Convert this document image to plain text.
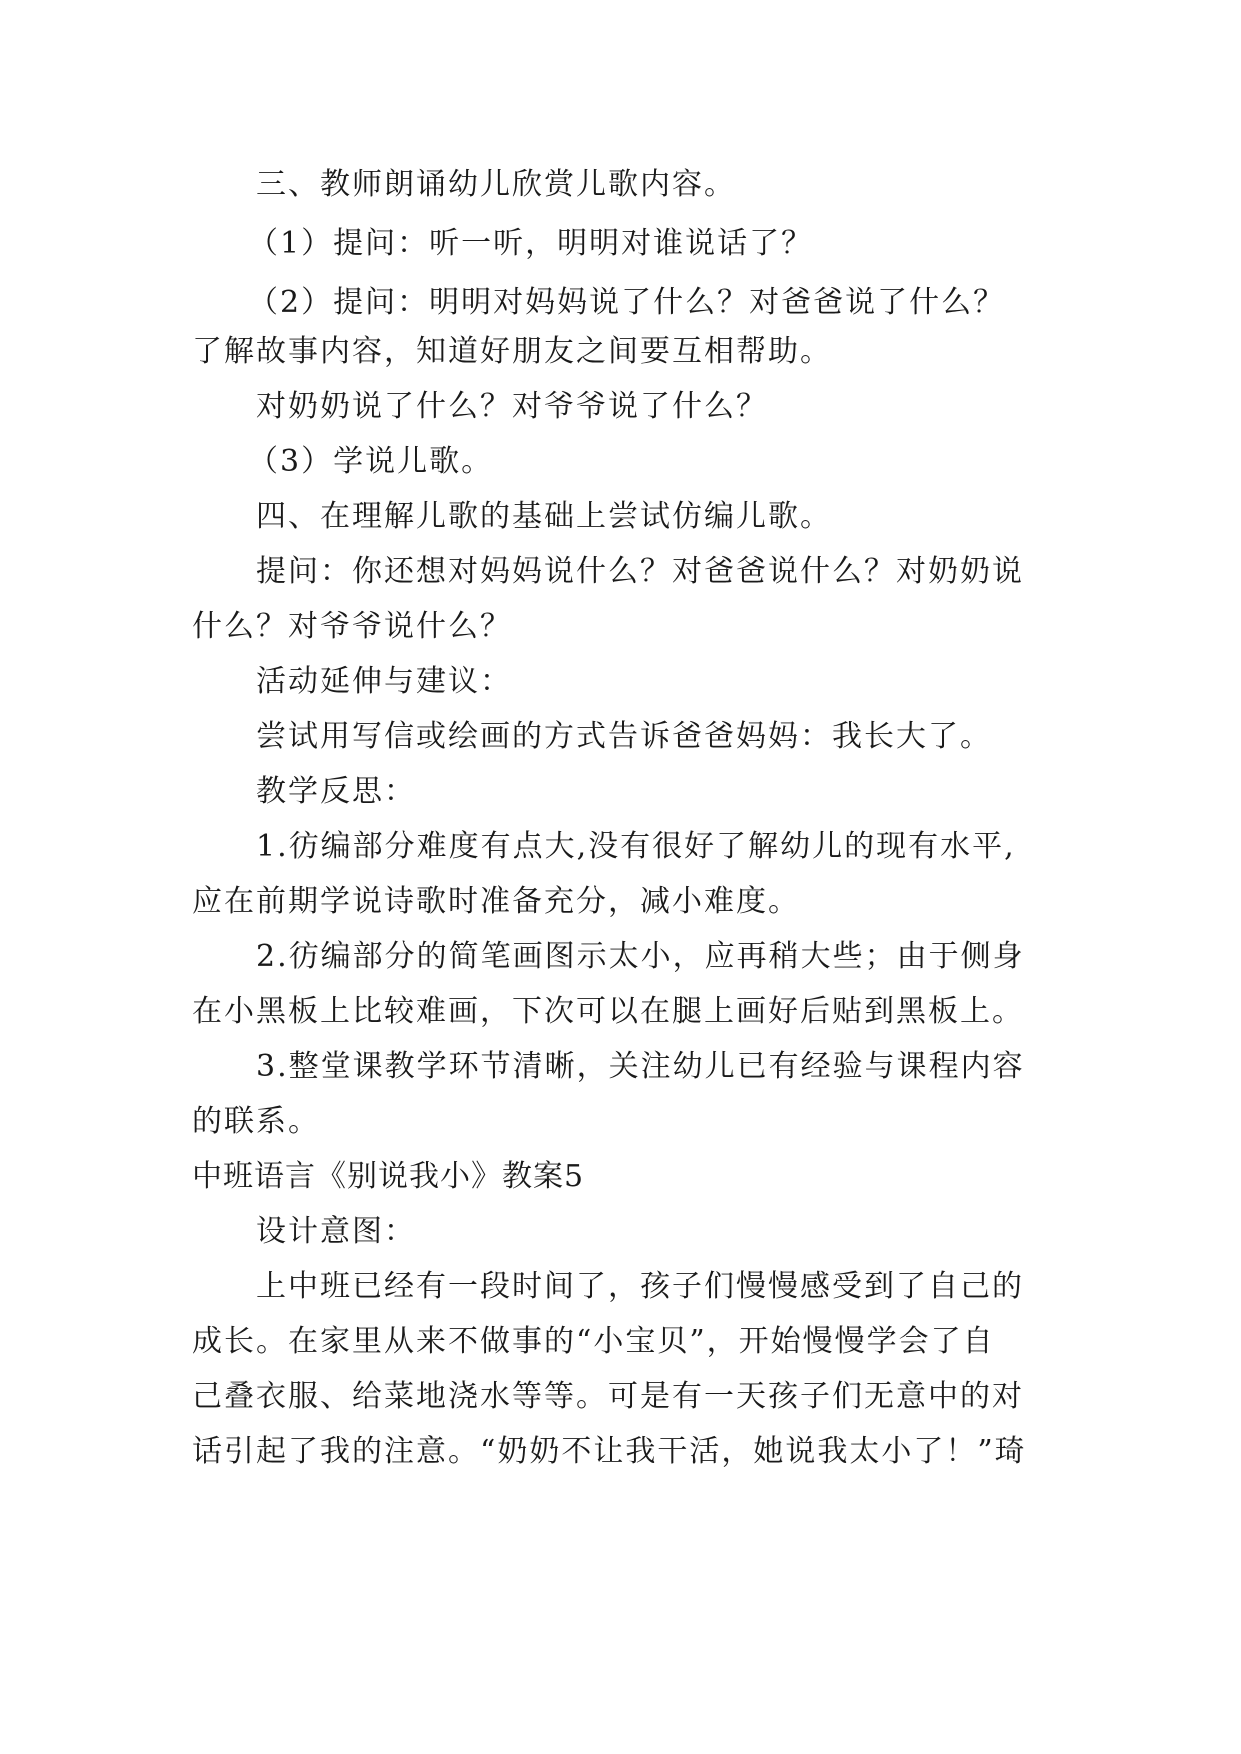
三、教师朗诵幼儿欣赏儿歌内容。
（1）提问：听一听，明明对谁说话了？
（2）提问：明明对妈妈说了什么？对爸爸说了什么？
了解故事内容，知道好朋友之间要互相帮助。
对奶奶说了什么？对爷爷说了什么？
（3）学说儿歌。
四、在理解儿歌的基础上尝试仿编儿歌。
提问：你还想对妈妈说什么？对爸爸说什么？对奶奶说
什么？对爷爷说什么？
活动延伸与建议：
尝试用写信或绘画的方式告诉爸爸妈妈：我长大了。
教学反思：
1.彷编部分难度有点大,没有很好了解幼儿的现有水平,
应在前期学说诗歌时准备充分，减小难度。
2.彷编部分的简笔画图示太小，应再稍大些；由于侧身
在小黑板上比较难画，下次可以在腿上画好后贴到黑板上。
3.整堂课教学环节清晰，关注幼儿已有经验与课程内容
的联系。
中班语言《别说我小》教案5
设计意图：
上中班已经有一段时间了，孩子们慢慢感受到了自己的
成长。在家里从来不做事的“小宝贝”，开始慢慢学会了自
己叠衣服、给菜地浇水等等。可是有一天孩子们无意中的对
话引起了我的注意。“奶奶不让我干活，她说我太小了！”琦
